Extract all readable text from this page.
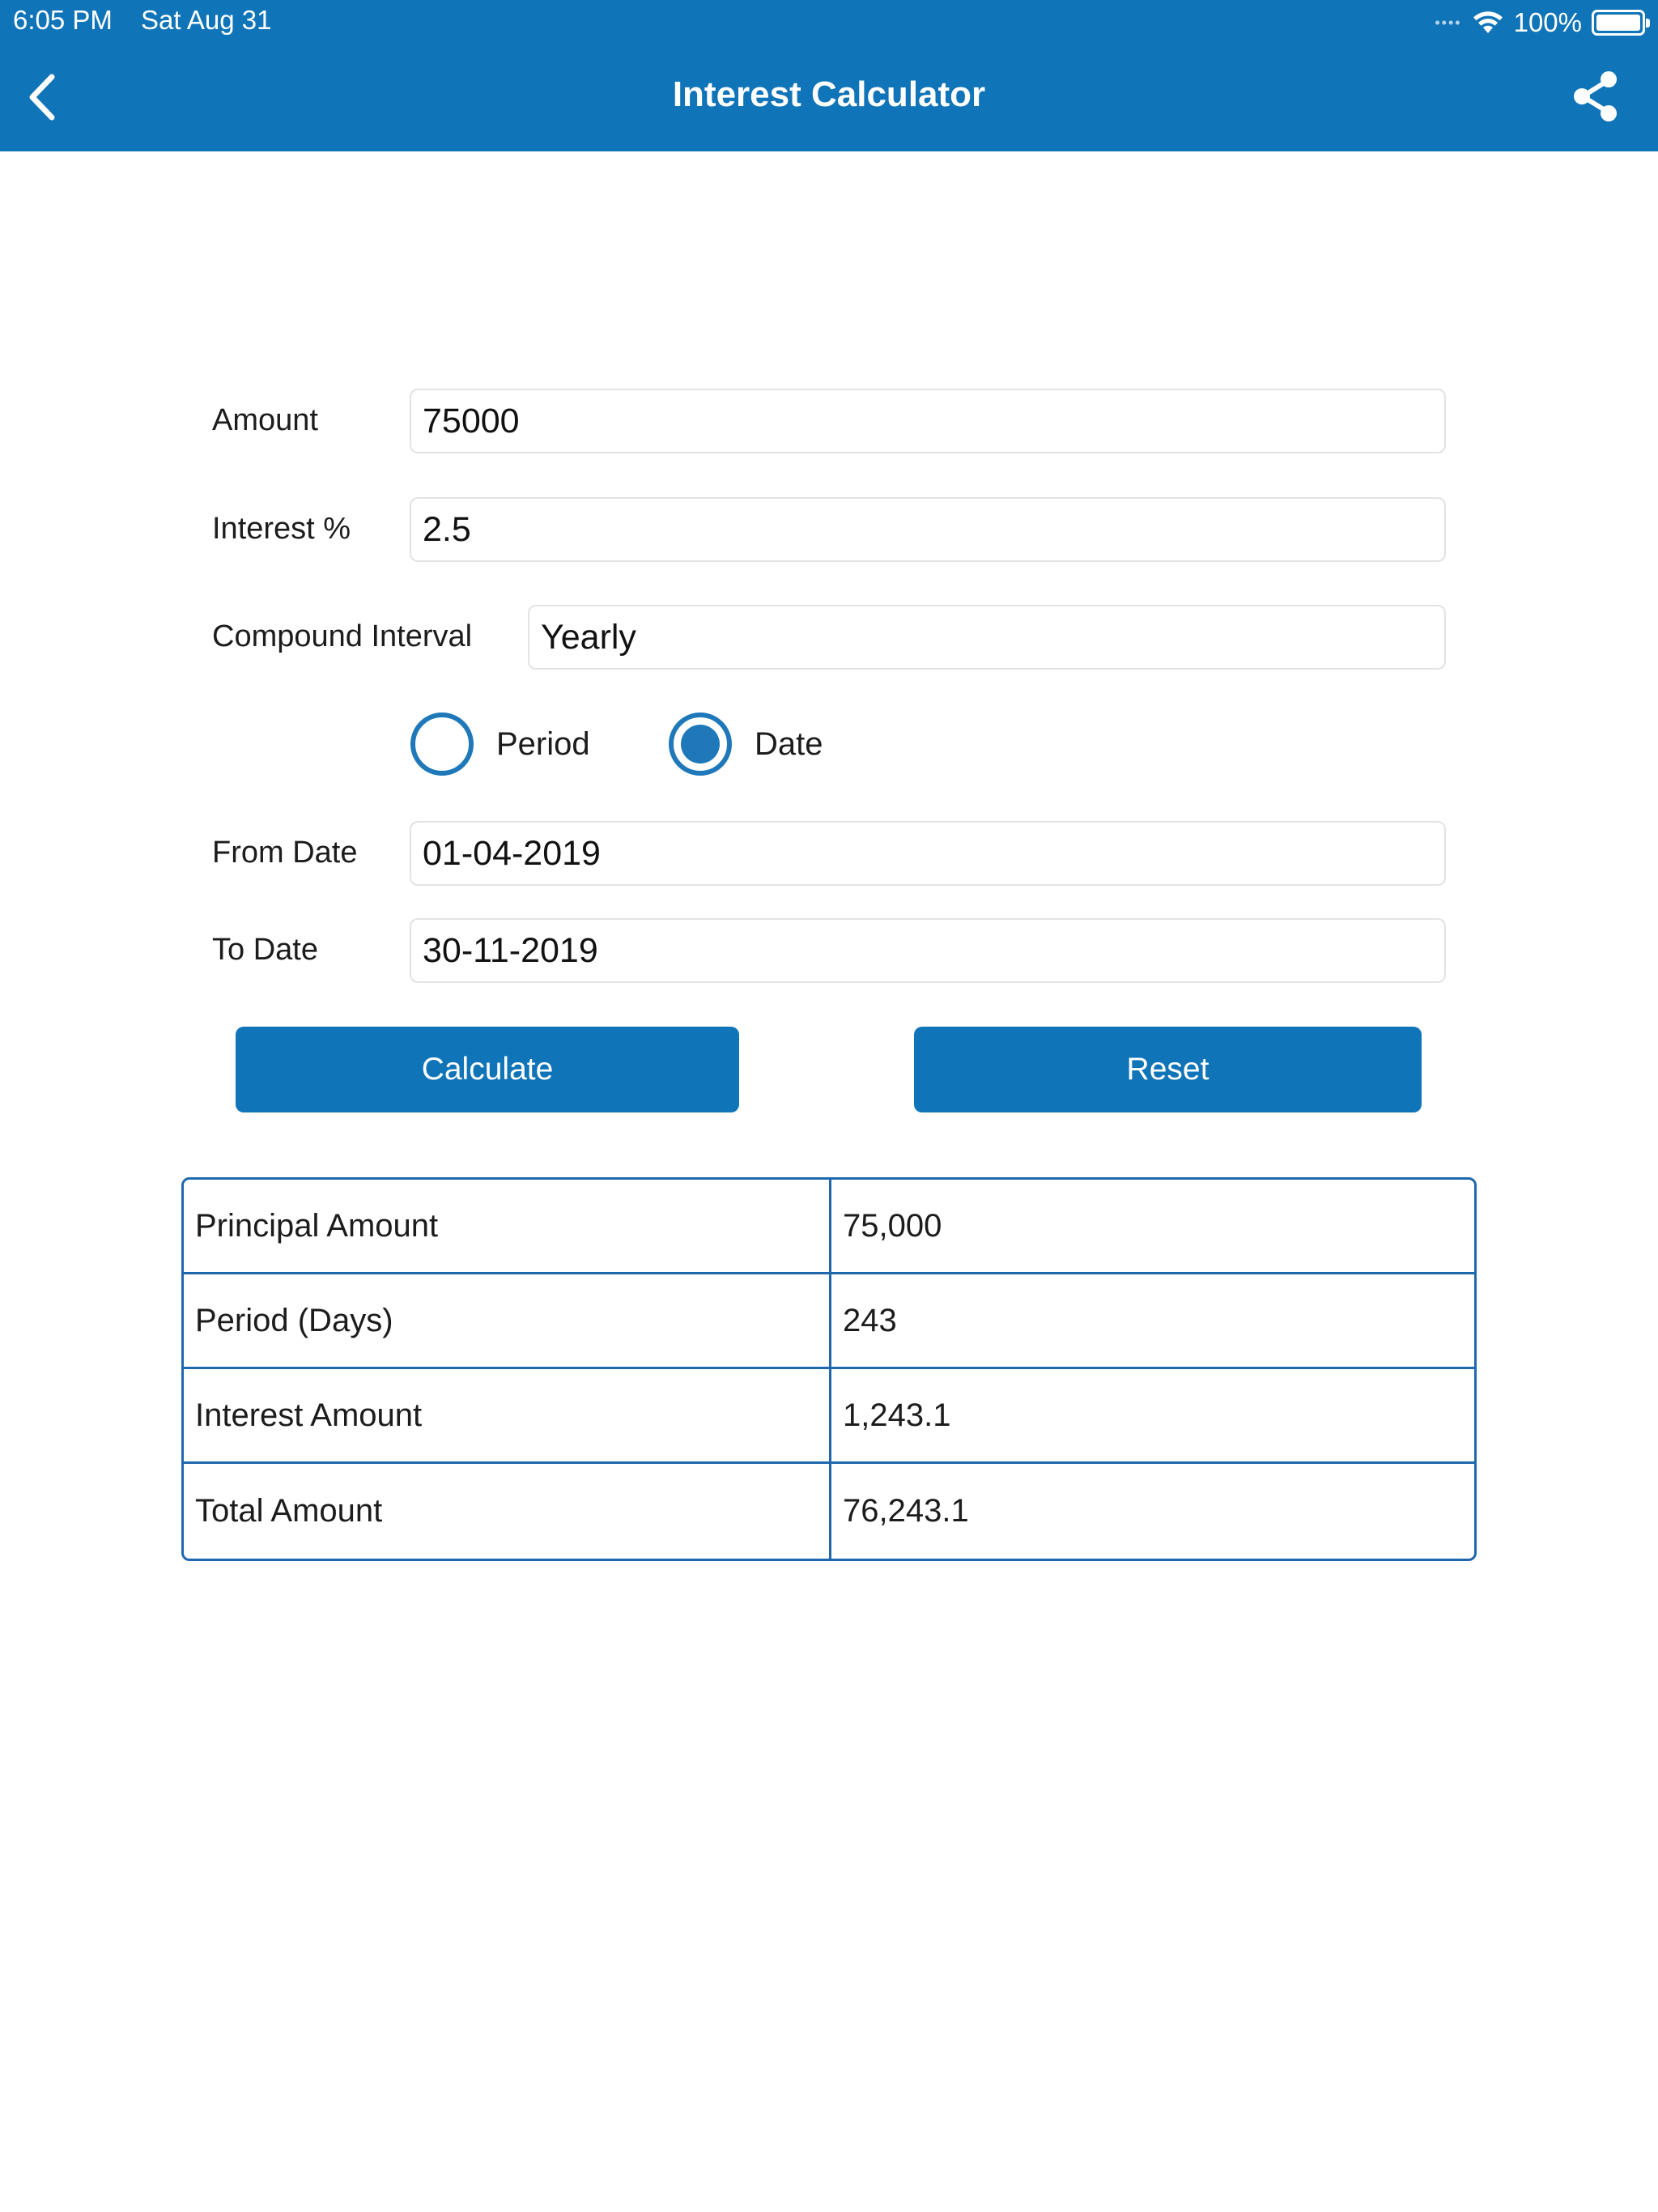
6:05 PM Sat Aug 31	•••• 100%
Interest Calculator
Amount	75000
Interest %	2.5
Compound Interval	Yearly
Period	Date
From Date	01-04-2019
To Date	30-11-2019
Calculate	Reset
Principal Amount	75,000
Period (Days)	243
Interest Amount	1,243.1
Total Amount	76,243.1
